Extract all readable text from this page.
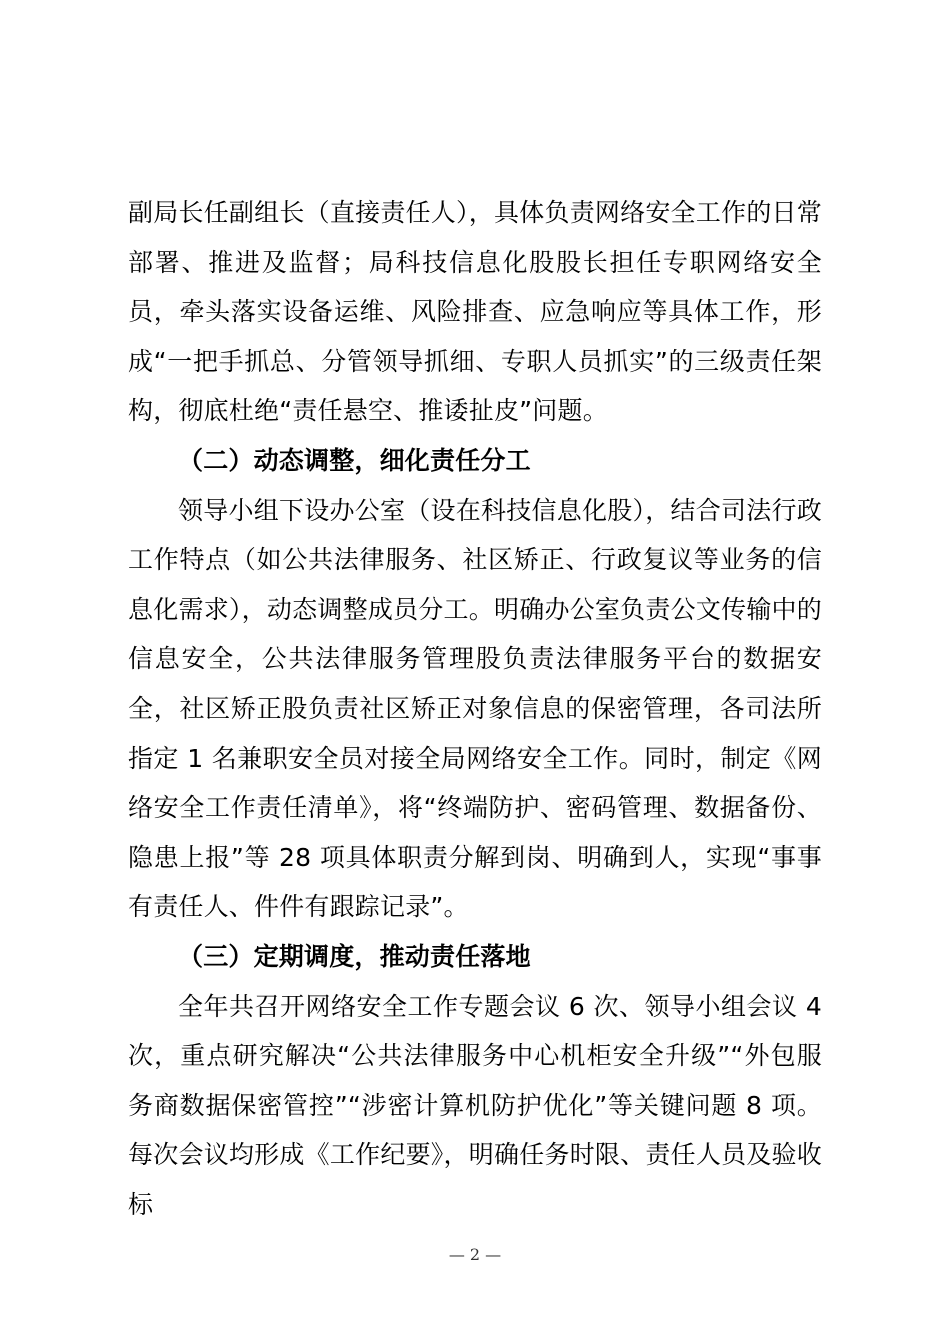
副局长任副组长（直接责任人），具体负责网络安全工作的日常部署、推进及监督；局科技信息化股股长担任专职网络安全员，牵头落实设备运维、风险排查、应急响应等具体工作，形成“一把手抓总、分管领导抓细、专职人员抓实”的三级责任架构，彻底杜绝“责任悬空、推诿扯皮”问题。

（二）动态调整，细化责任分工

领导小组下设办公室（设在科技信息化股），结合司法行政工作特点（如公共法律服务、社区矫正、行政复议等业务的信息化需求），动态调整成员分工。明确办公室负责公文传输中的信息安全，公共法律服务管理股负责法律服务平台的数据安全，社区矫正股负责社区矫正对象信息的保密管理，各司法所指定 1 名兼职安全员对接全局网络安全工作。同时，制定《网络安全工作责任清单》，将“终端防护、密码管理、数据备份、隐患上报”等 28 项具体职责分解到岗、明确到人，实现“事事有责任人、件件有跟踪记录”。

（三）定期调度，推动责任落地

全年共召开网络安全工作专题会议 6 次、领导小组会议 4 次，重点研究解决“公共法律服务中心机柜安全升级”“外包服务商数据保密管控”“涉密计算机防护优化”等关键问题 8 项。每次会议均形成《工作纪要》，明确任务时限、责任人员及验收标

— 2 —
